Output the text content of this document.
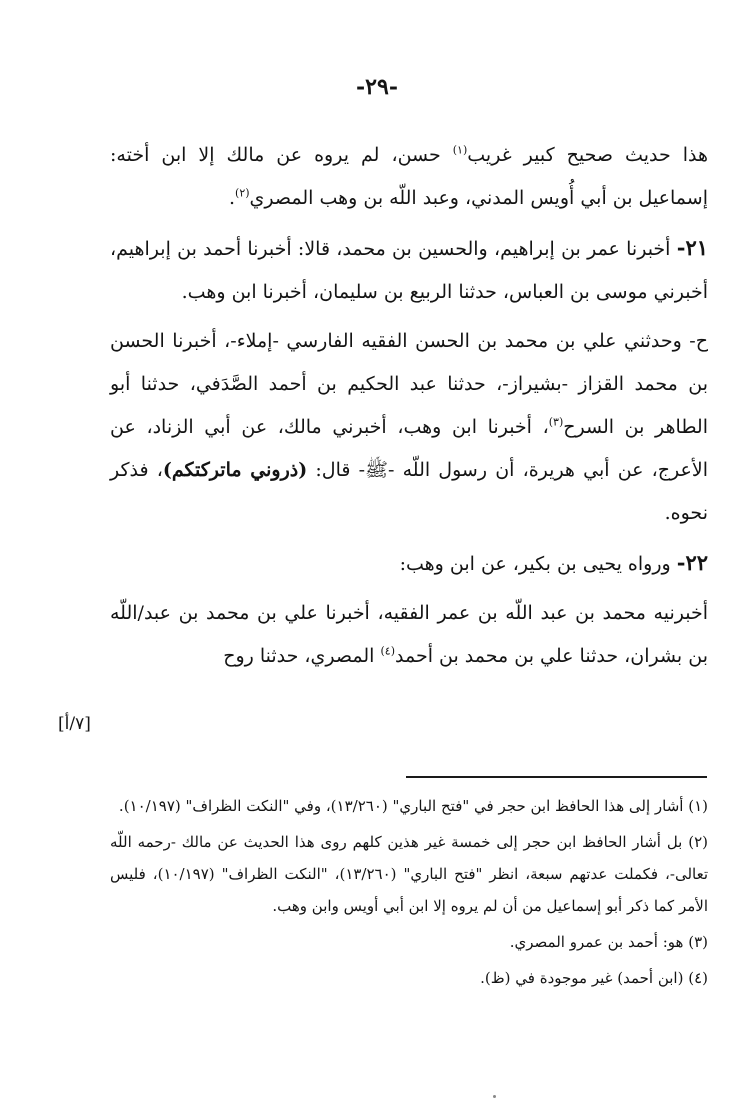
-٢٩-

هذا حديث صحيح كبير غريب$^{(١)}$ حسن، لم يروه عن مالك إلا ابن أخته: إسماعيل بن أبي أُويس المدني، وعبد اللّه بن وهب المصري$^{(٢)}$.

٢١- أخبرنا عمر بن إبراهيم، والحسين بن محمد، قالا: أخبرنا أحمد بن إبراهيم، أخبرني موسى بن العباس، حدثنا الربيع بن سليمان، أخبرنا ابن وهب.

ح- وحدثني علي بن محمد بن الحسن الفقيه الفارسي -إملاء-، أخبرنا الحسن بن محمد القزاز -بشيراز-، حدثنا عبد الحكيم بن أحمد الصَّدَفي، حدثنا أبو الطاهر بن السرح$^{(٣)}$، أخبرنا ابن وهب، أخبرني مالك، عن أبي الزناد، عن الأعرج، عن أبي هريرة، أن رسول اللّه -ﷺ- قال: (ذروني ماتركتكم)، فذكر نحوه.

٢٢- ورواه يحيى بن بكير، عن ابن وهب:

أخبرنيه محمد بن عبد اللّه بن عمر الفقيه، أخبرنا علي بن محمد بن عبد/اللّه بن بشران، حدثنا علي بن محمد بن أحمد$^{(٤)}$ المصري، حدثنا روح

[٧/أ]

(١) أشار إلى هذا الحافظ ابن حجر في "فتح الباري" (١٣/٢٦٠)، وفي "النكت الظراف" (١٠/١٩٧).

(٢) بل أشار الحافظ ابن حجر إلى خمسة غير هذين كلهم روى هذا الحديث عن مالك -رحمه اللّه تعالى-، فكملت عدتهم سبعة، انظر "فتح الباري" (١٣/٢٦٠)، "النكت الظراف" (١٠/١٩٧)، فليس الأمر كما ذكر أبو إسماعيل من أن لم يروه إلا ابن أبي أويس وابن وهب.

(٣) هو: أحمد بن عمرو المصري.

(٤) (ابن أحمد) غير موجودة في (ظ).
